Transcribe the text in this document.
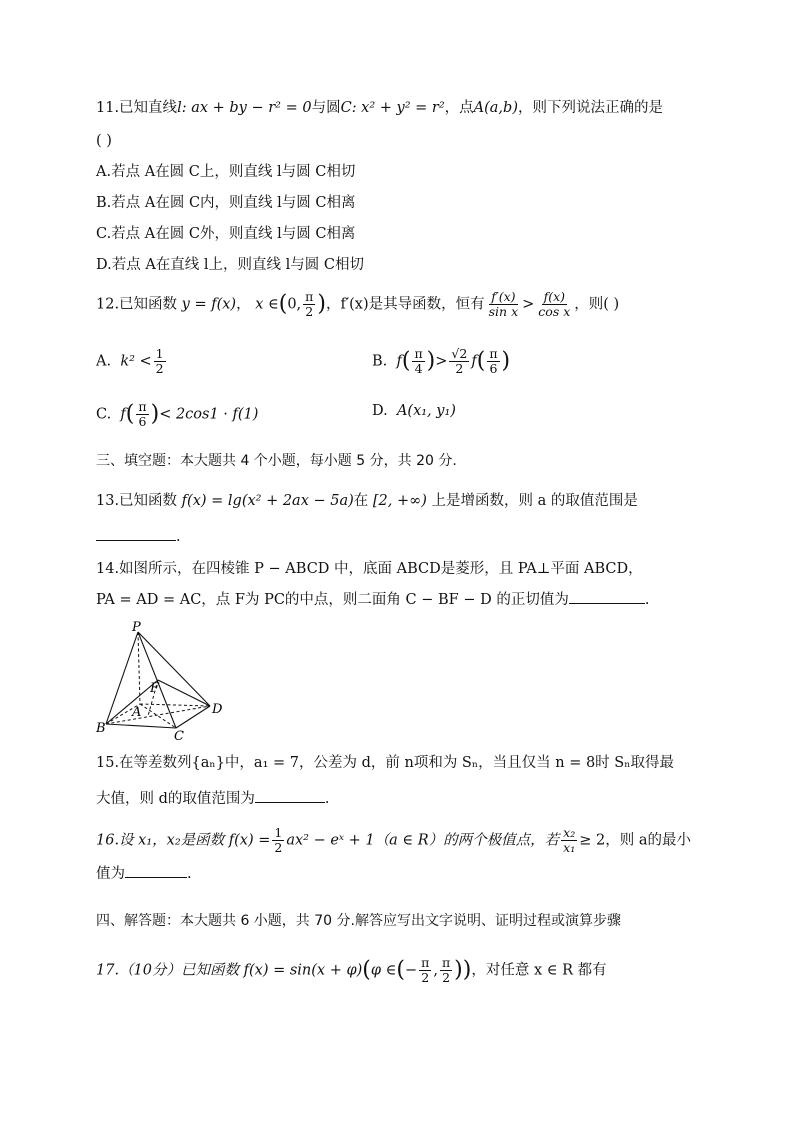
11.已知直线l: ax + by − r² = 0与圆C: x² + y² = r²，点A(a,b)，则下列说法正确的是
( )
A.若点 A在圆 C上，则直线 l与圆 C相切
B.若点 A在圆 C内，则直线 l与圆 C相离
C.若点 A在圆 C外，则直线 l与圆 C相离
D.若点 A在直线 l上，则直线 l与圆 C相切
12.已知函数 y = f(x)， x ∈(0, $\frac{\pi}{2}$ )，f′(x)是其导函数，恒有 $\frac{f'(x)}{\text{sin x}} > \frac{f(x)}{\text{cos x}}$ ，则( )
A. $k^2 < \frac{1}{2}$	B. $f( \frac{\pi}{4}$ )> $\frac{√2}{2} f( \frac{\pi}{6}$ )
C. $f( \frac{\pi}{6}$ )< 2cos1 · f(1)	D. A(x₁, y₁)
三、填空题：本大题共 4 个小题，每小题 5 分，共 20 分.
13.已知函数 f(x) = lg(x² + 2ax − 5a)在 [2, +∞) 上是增函数，则 a 的取值范围是
.
14.如图所示，在四棱锥 P − ABCD 中，底面 ABCD是菱形，且 PA⊥平面 ABCD，
PA = AD = AC，点 F为 PC的中点，则二面角 C − BF − D 的正切值为	.
P
F
A
B
C
D
15.在等差数列{aₙ}中，a₁ = 7，公差为 d，前 n项和为 Sₙ，当且仅当 n = 8时 Sₙ取得最
大值，则 d的取值范围为	.
16.设 x₁，x₂是函数 $f(x) = \frac{1}{2} ax^2$ − eˣ + 1（a ∈ R）的两个极值点，若 $\frac{\text{x₂}}{\text{x₁}} \ge 2$，则 a的最小
值为	.
四、解答题：本大题共 6 小题，共 70 分.解答应写出文字说明、证明过程或演算步骤
17.（10分）已知函数 f(x) = sin(x + φ)(φ ∈(− $\frac{\pi}{2}$ , $\frac{\pi}{2}$ ))，对任意 x ∈ R 都有
